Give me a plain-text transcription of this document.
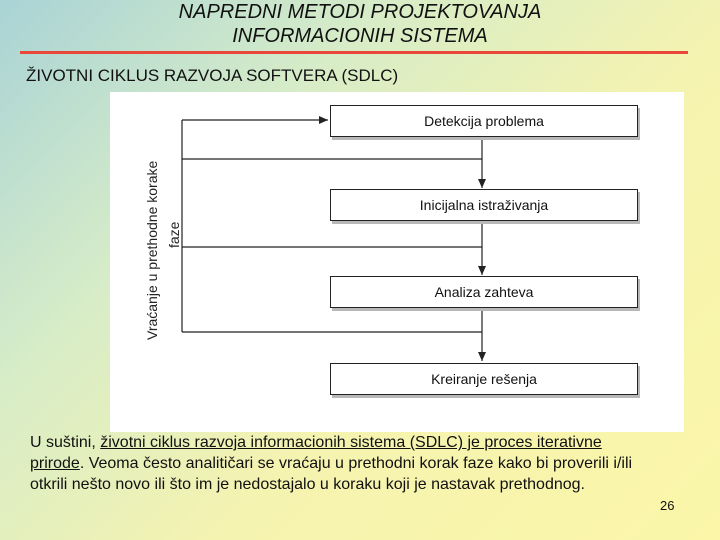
NAPREDNI METODI PROJEKTOVANJA
INFORMACIONIH SISTEMA
ŽIVOTNI CIKLUS RAZVOJA SOFTVERA (SDLC)
Vraćanje u prethodne korake faze
Detekcija problema
Inicijalna istraživanja
Analiza zahteva
Kreiranje rešenja
U suštini, životni ciklus razvoja informacionih sistema (SDLC) je proces iterativne prirode. Veoma često analitičari se vraćaju u prethodni korak faze kako bi proverili i/ili otkrili nešto novo ili što im je nedostajalo u koraku koji je nastavak prethodnog.
26
